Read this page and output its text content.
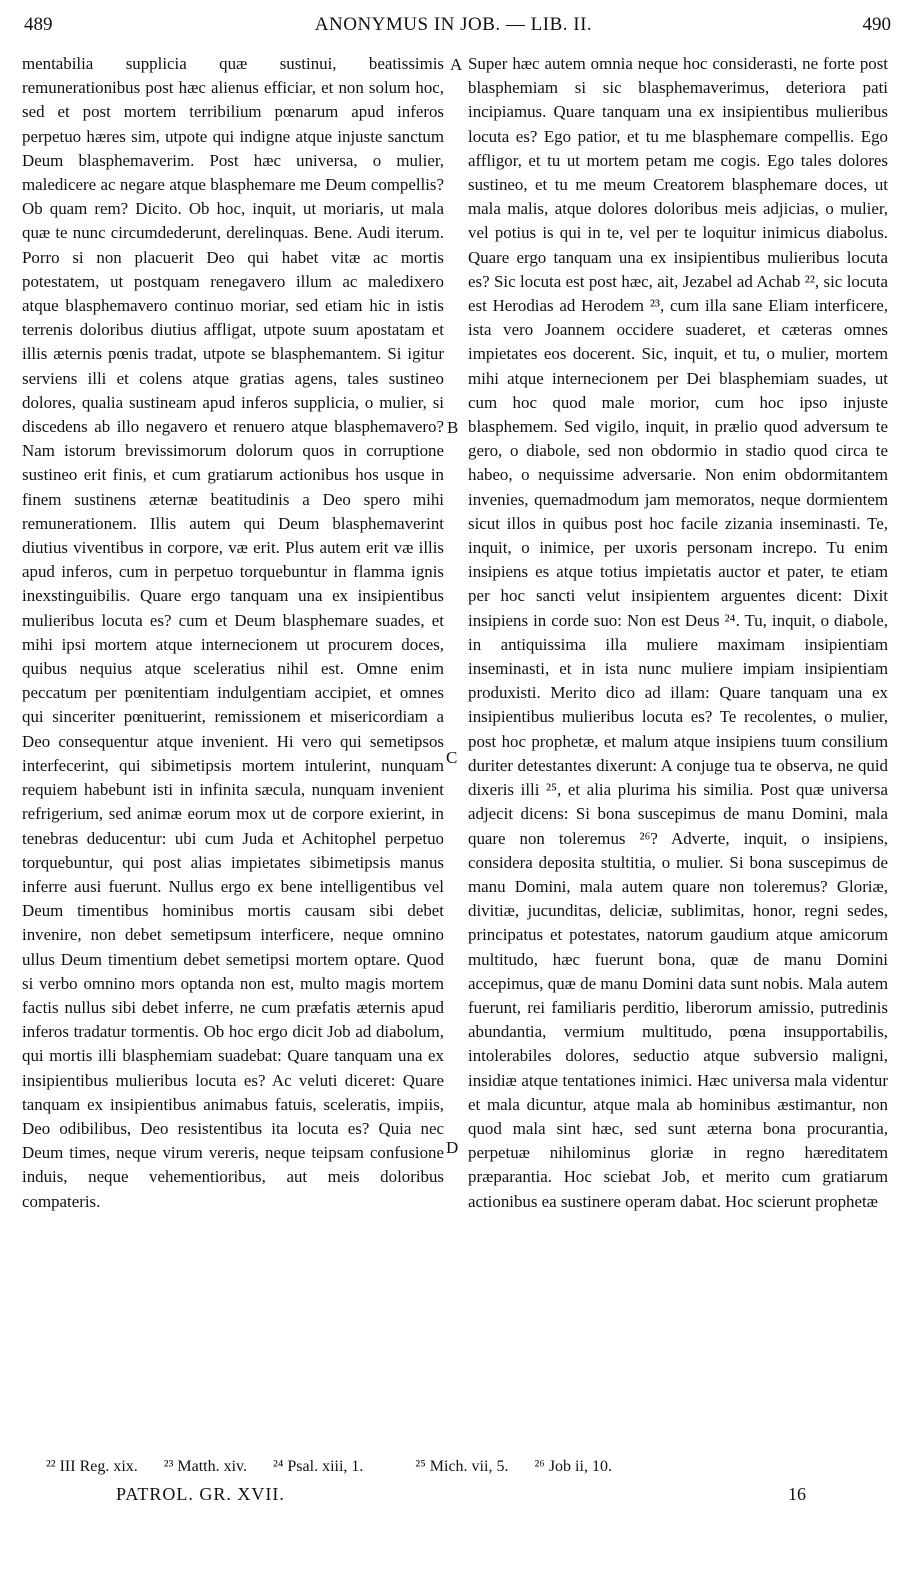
489	ANONYMUS IN JOB. — LIB. II.	490

mentabilia supplicia quæ sustinui, beatissimis remunerationibus post hæc alienus efficiar, et non solum hoc, sed et post mortem terribilium pœnarum apud inferos perpetuo hæres sim, utpote qui indigne atque injuste sanctum Deum blasphemaverim. Post hæc universa, o mulier, maledicere ac negare atque blasphemare me Deum compellis? Ob quam rem? Dicito. Ob hoc, inquit, ut moriaris, ut mala quæ te nunc circumdederunt, derelinquas. Bene. Audi iterum. Porro si non placuerit Deo qui habet vitæ ac mortis potestatem, ut postquam renegavero illum ac maledixero atque blasphemavero continuo moriar, sed etiam hic in istis terrenis doloribus diutius affligat, utpote suum apostatam et illis æternis pœnis tradat, utpote se blasphemantem. Si igitur serviens illi et colens atque gratias agens, tales sustineo dolores, qualia sustineam apud inferos supplicia, o mulier, si discedens ab illo negavero et renuero atque blasphemavero? Nam istorum brevissimorum dolorum quos in corruptione sustineo erit finis, et cum gratiarum actionibus hos usque in finem sustinens æternæ beatitudinis a Deo spero mihi remunerationem. Illis autem qui Deum blasphemaverint diutius viventibus in corpore, væ erit. Plus autem erit væ illis apud inferos, cum in perpetuo torquebuntur in flamma ignis inexstinguibilis. Quare ergo tanquam una ex insipientibus mulieribus locuta es? cum et Deum blasphemare suades, et mihi ipsi mortem atque internecionem ut procurem doces, quibus nequius atque sceleratius nihil est. Omne enim peccatum per pœnitentiam indulgentiam accipiet, et omnes qui sinceriter pœnituerint, remissionem et misericordiam a Deo consequentur atque invenient. Hi vero qui semetipsos interfecerint, qui sibimetipsis mortem intulerint, nunquam requiem habebunt isti in infinita sæcula, nunquam invenient refrigerium, sed animæ eorum mox ut de corpore exierint, in tenebras deducentur: ubi cum Juda et Achitophel perpetuo torquebuntur, qui post alias impietates sibimetipsis manus inferre ausi fuerunt. Nullus ergo ex bene intelligentibus vel Deum timentibus hominibus mortis causam sibi debet invenire, non debet semetipsum interficere, neque omnino ullus Deum timentium debet semetipsi mortem optare. Quod si verbo omnino mors optanda non est, multo magis mortem factis nullus sibi debet inferre, ne cum præfatis æternis apud inferos tradatur tormentis. Ob hoc ergo dicit Job ad diabolum, qui mortis illi blasphemiam suadebat: Quare tanquam una ex insipientibus mulieribus locuta es? Ac veluti diceret: Quare tanquam ex insipientibus animabus fatuis, sceleratis, impiis, Deo odibilibus, Deo resistentibus ita locuta es? Quia nec Deum times, neque virum vereris, neque teipsam confusione induis, neque vehementioribus, aut meis doloribus compateris.

A
B
C
D

Super hæc autem omnia neque hoc considerasti, ne forte post blasphemiam si sic blasphemaverimus, deteriora pati incipiamus. Quare tanquam una ex insipientibus mulieribus locuta es? Ego patior, et tu me blasphemare compellis. Ego affligor, et tu ut mortem petam me cogis. Ego tales dolores sustineo, et tu me meum Creatorem blasphemare doces, ut mala malis, atque dolores doloribus meis adjicias, o mulier, vel potius is qui in te, vel per te loquitur inimicus diabolus. Quare ergo tanquam una ex insipientibus mulieribus locuta es? Sic locuta est post hæc, ait, Jezabel ad Achab ²², sic locuta est Herodias ad Herodem ²³, cum illa sane Eliam interficere, ista vero Joannem occidere suaderet, et cæteras omnes impietates eos docerent. Sic, inquit, et tu, o mulier, mortem mihi atque internecionem per Dei blasphemiam suades, ut cum hoc quod male morior, cum hoc ipso injuste blasphemem. Sed vigilo, inquit, in prælio quod adversum te gero, o diabole, sed non obdormio in stadio quod circa te habeo, o nequissime adversarie. Non enim obdormitantem invenies, quemadmodum jam memoratos, neque dormientem sicut illos in quibus post hoc facile zizania inseminasti. Te, inquit, o inimice, per uxoris personam increpo. Tu enim insipiens es atque totius impietatis auctor et pater, te etiam per hoc sancti velut insipientem arguentes dicent: Dixit insipiens in corde suo: Non est Deus ²⁴. Tu, inquit, o diabole, in antiquissima illa muliere maximam insipientiam inseminasti, et in ista nunc muliere impiam insipientiam produxisti. Merito dico ad illam: Quare tanquam una ex insipientibus mulieribus locuta es? Te recolentes, o mulier, post hoc prophetæ, et malum atque insipiens tuum consilium duriter detestantes dixerunt: A conjuge tua te observa, ne quid dixeris illi ²⁵, et alia plurima his similia. Post quæ universa adjecit dicens: Si bona suscepimus de manu Domini, mala quare non toleremus ²⁶? Adverte, inquit, o insipiens, considera deposita stultitia, o mulier. Si bona suscepimus de manu Domini, mala autem quare non toleremus? Gloriæ, divitiæ, jucunditas, deliciæ, sublimitas, honor, regni sedes, principatus et potestates, natorum gaudium atque amicorum multitudo, hæc fuerunt bona, quæ de manu Domini accepimus, quæ de manu Domini data sunt nobis. Mala autem fuerunt, rei familiaris perditio, liberorum amissio, putredinis abundantia, vermium multitudo, pœna insupportabilis, intolerabiles dolores, seductio atque subversio maligni, insidiæ atque tentationes inimici. Hæc universa mala videntur et mala dicuntur, atque mala ab hominibus æstimantur, non quod mala sint hæc, sed sunt æterna bona procurantia, perpetuæ nihilominus gloriæ in regno hæreditatem præparantia. Hoc sciebat Job, et merito cum gratiarum actionibus ea sustinere operam dabat. Hoc scierunt prophetæ

²² III Reg. xix. ²³ Matth. xiv. ²⁴ Psal. xiii, 1.	²⁵ Mich. vii, 5. ²⁶ Job ii, 10.
PATROL. GR. XVII.	16
